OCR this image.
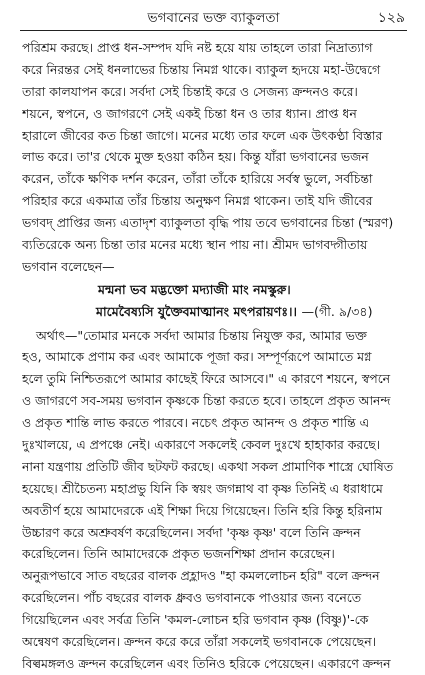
ভগবানের ভক্ত ব্যাকুলতা	১২৯
পরিশ্রম করছে। প্রাপ্ত ধন-সম্পদ যদি নষ্ট হয়ে যায় তাহলে তারা নিদ্রাত্যাগ
করে নিরন্তর সেই ধনলাভের চিন্তায় নিমগ্ন থাকে। ব্যাকুল হৃদয়ে মহা-উদ্বেগে
তারা কালযাপন করে। সর্বদা সেই চিন্তাই করে ও সেজন্য ক্রন্দনও করে।
শয়নে, স্বপনে, ও জাগরণে সেই একই চিন্তা ধন ও তার ধ্যান। প্রাপ্ত ধন
হারালে জীবের কত চিন্তা জাগে। মনের মধ্যে তার ফলে এক উৎকণ্ঠা বিস্তার
লাভ করে। তা'র থেকে মুক্ত হওয়া কঠিন হয়। কিন্তু যাঁরা ভগবানের ভজন
করেন, তাঁকে ক্ষণিক দর্শন করেন, তাঁরা তাঁকে হারিয়ে সর্বস্ব ভুলে, সর্বচিন্তা
পরিহার করে একমাত্র তাঁর চিন্তায় অনুক্ষণ নিমগ্ন থাকেন। তাই যদি জীবের
ভগবদ্ প্রাপ্তির জন্য এতাদৃশ ব্যাকুলতা বৃদ্ধি পায় তবে ভগবানের চিন্তা (স্মরণ)
ব্যতিরেকে অন্য চিন্তা তার মনের মধ্যে স্থান পায় না। শ্রীমদ ভাগবদ্গীতায়
ভগবান বলেছেন—
মন্মনা ভব মদ্ভক্তো মদ্যাজী মাং নমস্কুরু।
মামেবৈষ্যসি যুক্তৈবমাত্মানং মৎপরায়ণঃ।। —(গী. ৯/৩৪)
অর্থাৎ—"তোমার মনকে সর্বদা আমার চিন্তায় নিযুক্ত কর, আমার ভক্ত
হও, আমাকে প্রণাম কর এবং আমাকে পূজা কর। সম্পূর্ণরূপে আমাতে মগ্ন
হলে তুমি নিশ্চিতরূপে আমার কাছেই ফিরে আসবে।" এ কারণে শয়নে, স্বপনে
ও জাগরণে সব-সময় ভগবান কৃষ্ণকে চিন্তা করতে হবে। তাহলে প্রকৃত আনন্দ
ও প্রকৃত শান্তি লাভ করতে পারবে। নচেৎ প্রকৃত আনন্দ ও প্রকৃত শান্তি এ
দুঃখালয়ে, এ প্রপঞ্চে নেই। একারণে সকলেই কেবল দুঃখে হাহাকার করছে।
নানা যন্ত্রণায় প্রতিটি জীব ছটফট করছে। একথা সকল প্রামাণিক শাস্ত্রে ঘোষিত
হয়েছে। শ্রীচৈতন্য মহাপ্রভু যিনি কি স্বয়ং জগন্নাথ বা কৃষ্ণ তিনিই এ ধরাধামে
অবতীর্ণ হয়ে আমাদেরকে এই শিক্ষা দিয়ে গিয়েছেন। তিনি হরি কিন্তু হরিনাম
উচ্চারণ করে অশ্রুবর্ষণ করেছিলেন। সর্বদা 'কৃষ্ণ কৃষ্ণ' বলে তিনি ক্রন্দন
করেছিলেন। তিনি আমাদেরকে প্রকৃত ভজনশিক্ষা প্রদান করেছেন।
অনুরূপভাবে সাত বছরের বালক প্রহ্লাদও "হা কমললোচন হরি" বলে ক্রন্দন
করেছিলেন। পাঁচ বছরের বালক ধ্রুবও ভগবানকে পাওয়ার জন্য বনেতে
গিয়েছিলেন এবং সর্বত্র তিনি 'কমল-লোচন হরি ভগবান কৃষ্ণ (বিষ্ণু)'-কে
অন্বেষণ করেছিলেন। ক্রন্দন করে করে তাঁরা সকলেই ভগবানকে পেয়েছেন।
বিল্বমঙ্গলও ক্রন্দন করেছিলেন এবং তিনিও হরিকে পেয়েছেন। একারণে ক্রন্দন
